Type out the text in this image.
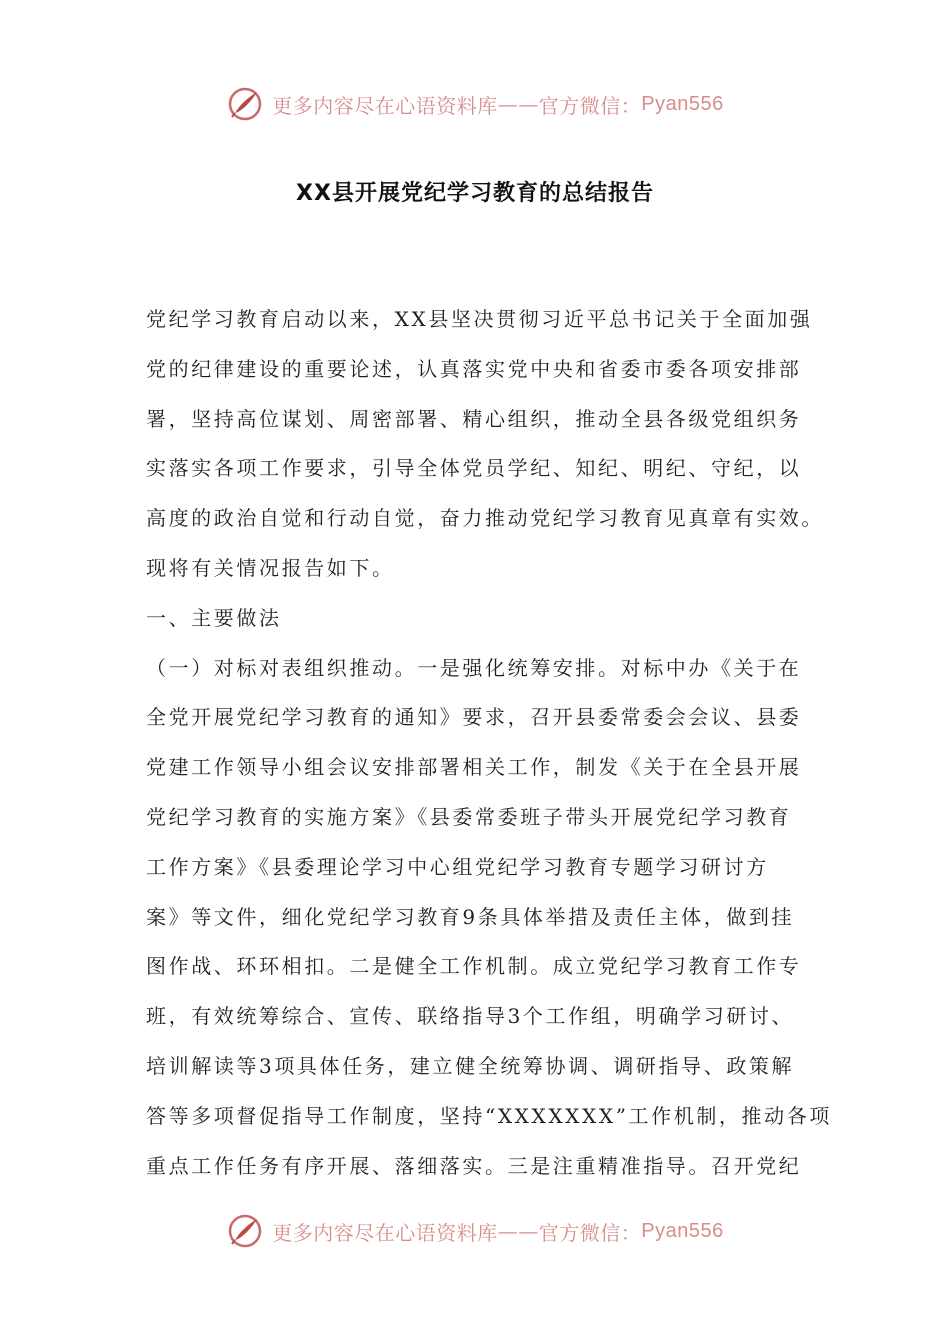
更多内容尽在心语资料库 —— 官方微信： Pyan556
XX县开展党纪学习教育的总结报告
党纪学习教育启动以来，XX县坚决贯彻习近平总书记关于全面加强
党的纪律建设的重要论述，认真落实党中央和省委市委各项安排部
署，坚持高位谋划、周密部署、精心组织，推动全县各级党组织务
实落实各项工作要求，引导全体党员学纪、知纪、明纪、守纪，以
高度的政治自觉和行动自觉，奋力推动党纪学习教育见真章有实效。
现将有关情况报告如下。
一、主要做法
（一）对标对表组织推动。一是强化统筹安排。对标中办《关于在
全党开展党纪学习教育的通知》要求，召开县委常委会会议、县委
党建工作领导小组会议安排部署相关工作，制发《关于在全县开展
党纪学习教育的实施方案》《县委常委班子带头开展党纪学习教育
工作方案》《县委理论学习中心组党纪学习教育专题学习研讨方
案》等文件，细化党纪学习教育9条具体举措及责任主体，做到挂
图作战、环环相扣。二是健全工作机制。成立党纪学习教育工作专
班，有效统筹综合、宣传、联络指导3个工作组，明确学习研讨、
培训解读等3项具体任务，建立健全统筹协调、调研指导、政策解
答等多项督促指导工作制度，坚持“XXXXXXX”工作机制，推动各项
重点工作任务有序开展、落细落实。三是注重精准指导。召开党纪
更多内容尽在心语资料库 —— 官方微信： Pyan556
